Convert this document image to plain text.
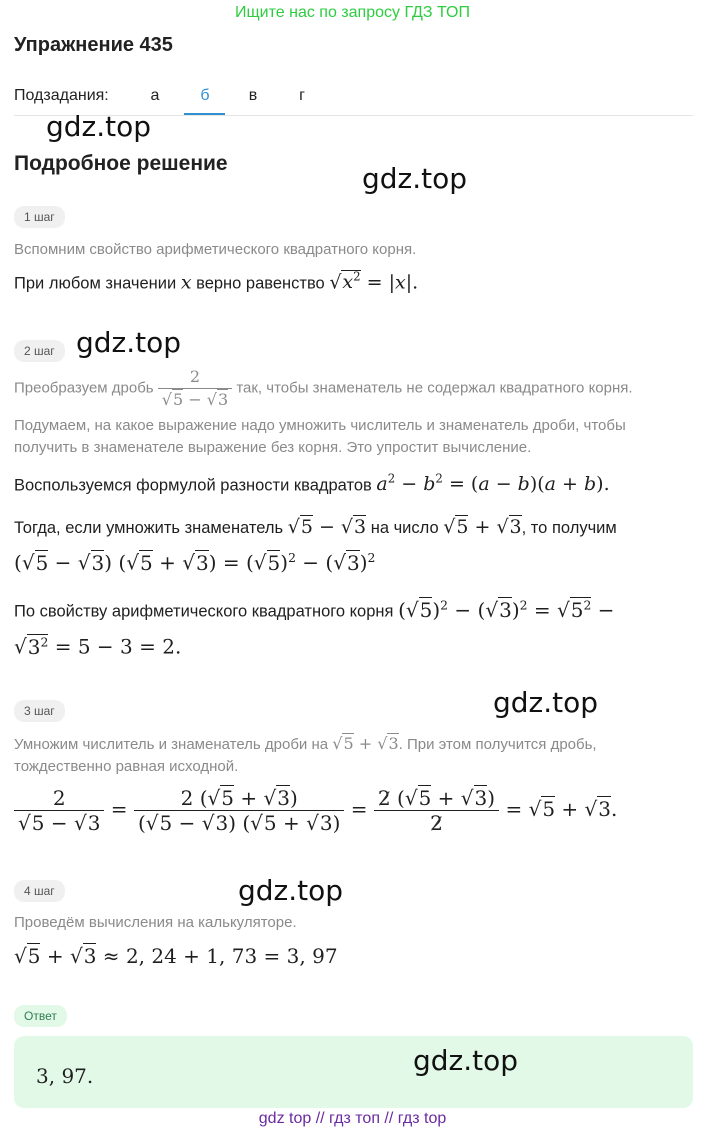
Ищите нас по запросу ГДЗ ТОП
Упражнение 435
Подзадания:	а	б	в	г
gdz.top
Подробное решение	gdz.top
1 шаг
Вспомним свойство арифметического квадратного корня.
При любом значении x верно равенство $√x^2 = |x|$.
2 шаг gdz.top
Преобразуем дробь $\frac{2}{√5 - √3}$ так, чтобы знаменатель не содержал квадратного корня.
Подумаем, на какое выражение надо умножить числитель и знаменатель дроби, чтобы
получить в знаменателе выражение без корня. Это упростит вычисление.
Воспользуемся формулой разности квадратов $a^2 - b^2 = (a - b)(a + b)$.
Тогда, если умножить знаменатель √5 − √3 на число √5 + √3, то получим
(√5 − √3) $(√5 + √3) = (√5)^2 - (√3)^2$
По свойству арифметического квадратного корня $(√5)^2 - (√3)^2 = √5^2$ −
$√3^2 = 5 - 3 = 2$.
3 шаг	gdz.top
Умножим числитель и знаменатель дроби на √5 + √3. При этом получится дробь,
тождественно равная исходной.
$\frac{2}{√5 - √3} = \frac{2 (√5 + √3)}{(√5 - √3) (√5 + √3)} = \frac{2 (√5 + √3)}{2} = √5 + √3$.
4 шаг	gdz.top
Проведём вычисления на калькуляторе.
√5 + √3 ≈ 2, 24 + 1, 73 = 3, 97
Ответ
3, 97.	gdz.top
gdz top // гдз топ // гдз top
